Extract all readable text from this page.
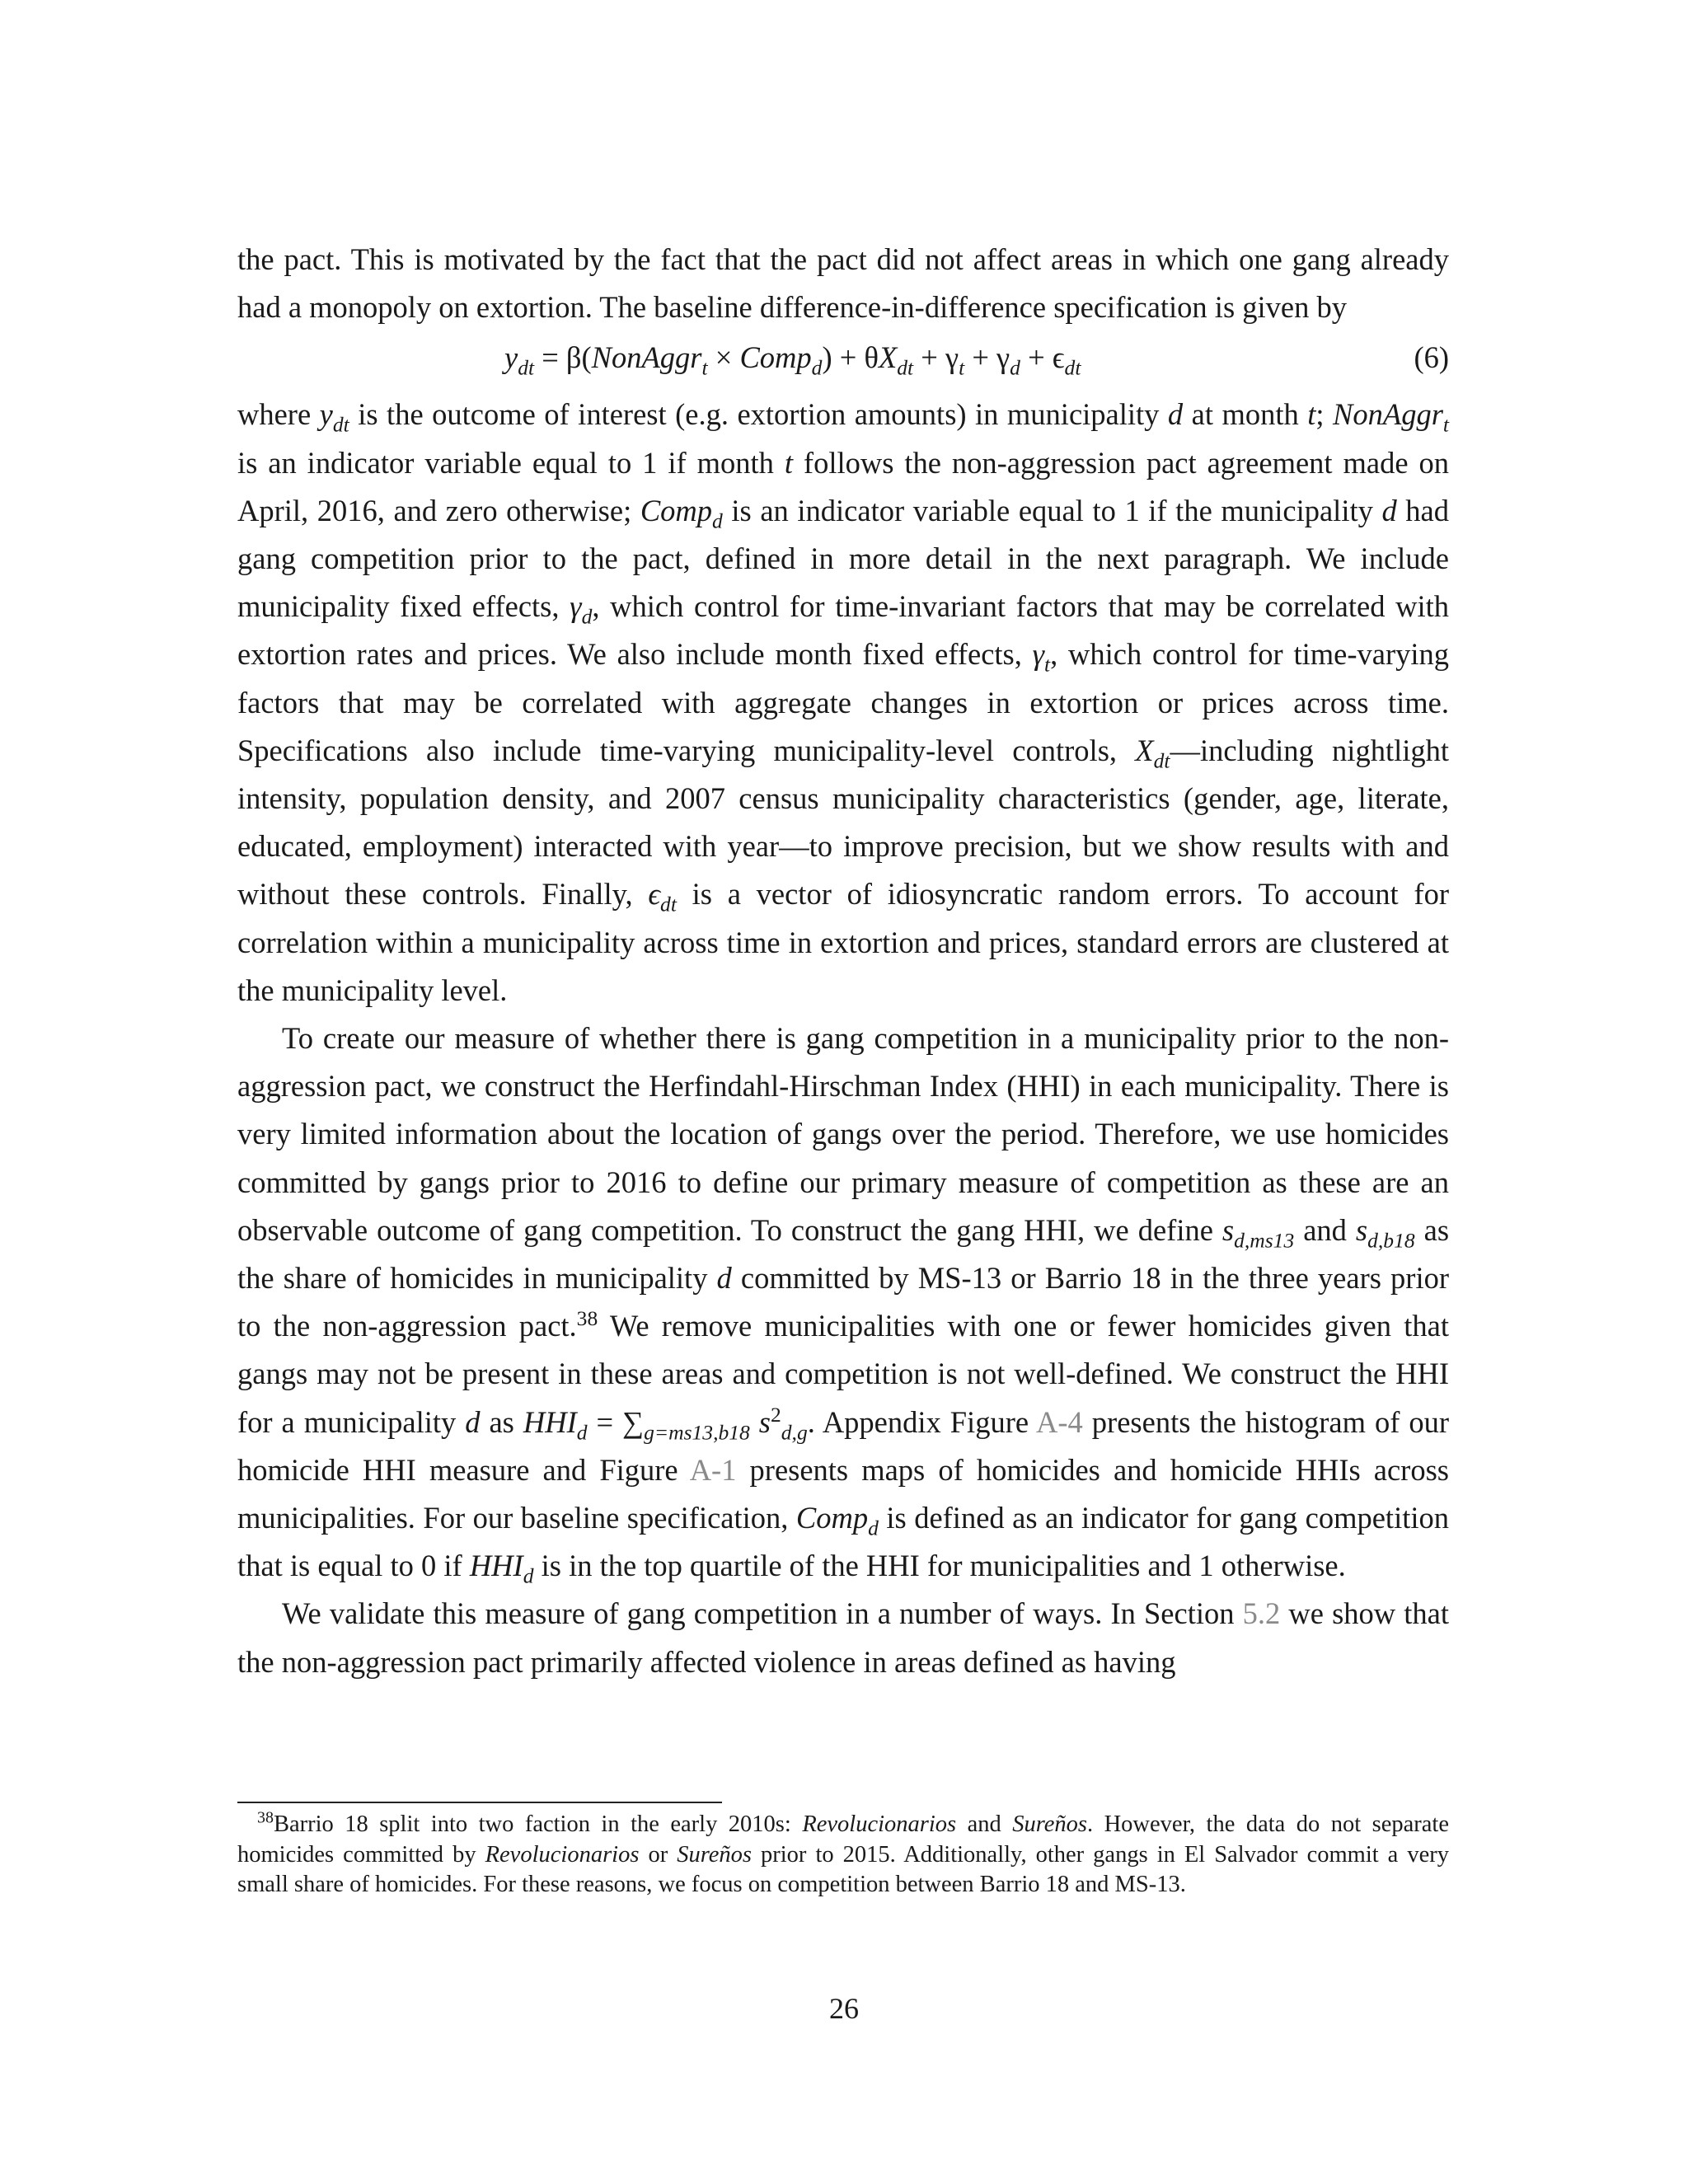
the pact. This is motivated by the fact that the pact did not affect areas in which one gang already had a monopoly on extortion. The baseline difference-in-difference specification is given by

$y_{dt}$ = β(NonAggr$_t$ × Comp$_d$) + $\theta X_{dt} + \gamma_t + \gamma_d + \epsilon_{dt}$	(6)

where $y_{dt}$ is the outcome of interest (e.g. extortion amounts) in municipality d at month t; NonAggr$_t$ is an indicator variable equal to 1 if month t follows the non-aggression pact agreement made on April, 2016, and zero otherwise; Comp$_d$ is an indicator variable equal to 1 if the municipality d had gang competition prior to the pact, defined in more detail in the next paragraph. We include municipality fixed effects, $\gamma_d$, which control for time-invariant factors that may be correlated with extortion rates and prices. We also include month fixed effects, $\gamma_t$, which control for time-varying factors that may be correlated with aggregate changes in extortion or prices across time. Specifications also include time-varying municipality-level controls, $X_{dt}—including$ nightlight intensity, population density, and 2007 census municipality characteristics (gender, age, literate, educated, employment) interacted with year—to improve precision, but we show results with and without these controls. Finally, $\epsilon_{dt}$ is a vector of idiosyncratic random errors. To account for correlation within a municipality across time in extortion and prices, standard errors are clustered at the municipality level.

To create our measure of whether there is gang competition in a municipality prior to the non-aggression pact, we construct the Herfindahl-Hirschman Index (HHI) in each municipality. There is very limited information about the location of gangs over the period. Therefore, we use homicides committed by gangs prior to 2016 to define our primary measure of competition as these are an observable outcome of gang competition. To construct the gang HHI, we define $s_{d,ms13}$ and $s_{d,b18}$ as the share of homicides in municipality d committed by MS-13 or Barrio 18 in the three years prior to the non-aggression pact.$^{38}$ We remove municipalities with one or fewer homicides given that gangs may not be present in these areas and competition is not well-defined. We construct the HHI for a municipality d as $HHI_d = \sum_{g=ms13,b18}$ $s^2_{d,g}$. Appendix Figure A-4 presents the histogram of our homicide HHI measure and Figure A-1 presents maps of homicides and homicide HHIs across municipalities. For our baseline specification, Comp$_d$ is defined as an indicator for gang competition that is equal to 0 if $HHI_d$ is in the top quartile of the HHI for municipalities and 1 otherwise.

We validate this measure of gang competition in a number of ways. In Section 5.2 we show that the non-aggression pact primarily affected violence in areas defined as having

$^{38}$Barrio 18 split into two faction in the early 2010s: Revolucionarios and Sureños. However, the data do not separate homicides committed by Revolucionarios or Sureños prior to 2015. Additionally, other gangs in El Salvador commit a very small share of homicides. For these reasons, we focus on competition between Barrio 18 and MS-13.
26
